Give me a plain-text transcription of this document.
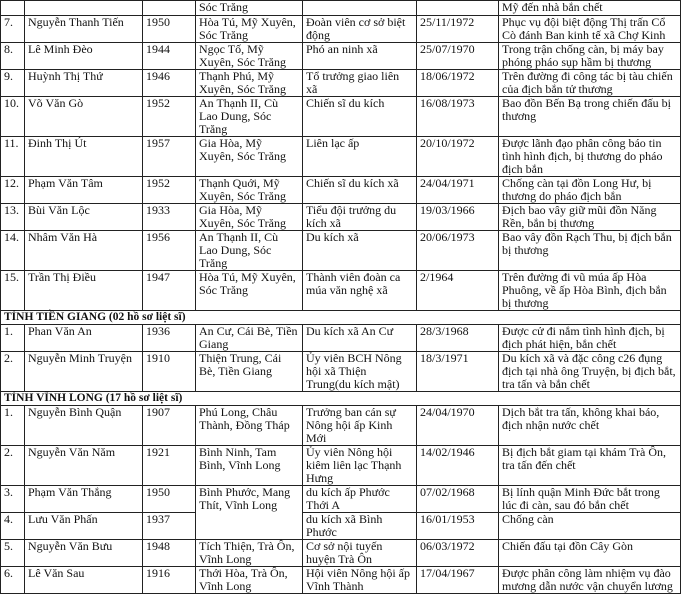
			Sóc Trăng			Mỹ đến nhà bắn chết
7.	Nguyễn Thanh Tiến	1950	Hòa Tú, Mỹ Xuyên, Sóc Trăng	Đoàn viên cơ sở biệt động	25/11/1972	Phục vụ đội biệt động Thị trấn Cổ Cò đánh Ban kinh tế xã Chợ Kinh
8.	Lê Minh Đèo	1944	Ngọc Tố, Mỹ Xuyên, Sóc Trăng	Phó an ninh xã	25/07/1970	Trong trận chống càn, bị máy bay phóng pháo sụp hầm bị thương
9.	Huỳnh Thị Thứ	1946	Thạnh Phú, Mỹ Xuyên, Sóc Trăng	Tổ trưởng giao liên xã	18/06/1972	Trên đường đi công tác bị tàu chiến của địch bắn tử thương
10.	Võ Văn Gò	1952	An Thạnh II, Cù Lao Dung, Sóc Trăng	Chiến sĩ du kích	16/08/1973	Bao đồn Bến Bạ trong chiến đấu bị thương
11.	Đinh Thị Út	1957	Gia Hòa, Mỹ Xuyên, Sóc Trăng	Liên lạc ấp	20/10/1972	Được lãnh đạo phân công báo tin tình hình địch, bị thương do pháo địch bắn
12.	Phạm Văn Tâm	1952	Thạnh Quới, Mỹ Xuyên, Sóc Trăng	Chiến sĩ du kích xã	24/04/1971	Chống càn tại đồn Long Hư, bị thương do pháo địch bắn
13.	Bùi Văn Lộc	1933	Gia Hòa, Mỹ Xuyên, Sóc Trăng	Tiểu đội trưởng du kích xã	19/03/1966	Địch bao vây giữ mũi đồn Năng Rền, bắn bị thương
14.	Nhâm Văn Hà	1956	An Thạnh II, Cù Lao Dung, Sóc Trăng	Du kích xã	20/06/1973	Bao vây đồn Rạch Thu, bị địch bắn bị thương
15.	Trần Thị Điều	1947	Hòa Tú, Mỹ Xuyên, Sóc Trăng	Thành viên đoàn ca múa văn nghệ xã	2/1964	Trên đường đi vũ múa ấp Hòa Phuông, về ấp Hòa Bình, địch bắn bị thương
TỈNH TIỀN GIANG (02 hồ sơ liệt sĩ)						
1.	Phan Văn An	1936	An Cư, Cái Bè, Tiền Giang	Du kích xã An Cư	28/3/1968	Được cử đi nắm tình hình địch, bị địch phát hiện, bắn chết
2.	Nguyễn Minh Truyện	1910	Thiện Trung, Cái Bè, Tiền Giang	Ủy viên BCH Nông hội xã Thiện Trung(du kích mật)	18/3/1971	Du kích xã và đặc công c26 đụng địch tại nhà ông Truyện, bị địch bắt, tra tấn và bắn chết
TỈNH VĨNH LONG (17 hồ sơ liệt sĩ)						
1.	Nguyễn Bình Quận	1907	Phú Long, Châu Thành, Đồng Tháp	Trưởng ban cán sự Nông hội ấp Kinh Mới	24/04/1970	Dịch bắt tra tấn, không khai báo, địch nhận nước chết
2.	Nguyễn Văn Năm	1921	Bình Ninh, Tam Bình, Vĩnh Long	Ủy viên Nông hội kiêm liên lạc Thạnh Hưng	14/02/1946	Bị địch bắt giam tại khám Trà Ôn, tra tấn đến chết
3.	Phạm Văn Thắng	1950	Bình Phước, Mang Thít, Vĩnh Long	du kích ấp Phước Thới A	07/02/1968	Bị lính quận Minh Đức bắt trong lúc đi càn, sau đó bắn chết
4.	Lưu Văn Phấn	1937		du kích xã Bình Phước	16/01/1953	Chống càn
5.	Nguyễn Văn Bưu	1948	Tích Thiện, Trà Ôn, Vĩnh Long	Cơ sở nội tuyến huyện Trà Ôn	06/03/1972	Chiến đấu tại đồn Cây Gòn
6.	Lê Văn Sau	1916	Thới Hòa, Trà Ôn, Vĩnh Long	Hội viên Nông hội ấp Vĩnh Thành	17/04/1967	Được phân công làm nhiệm vụ đào mương dẫn nước vận chuyển lương
